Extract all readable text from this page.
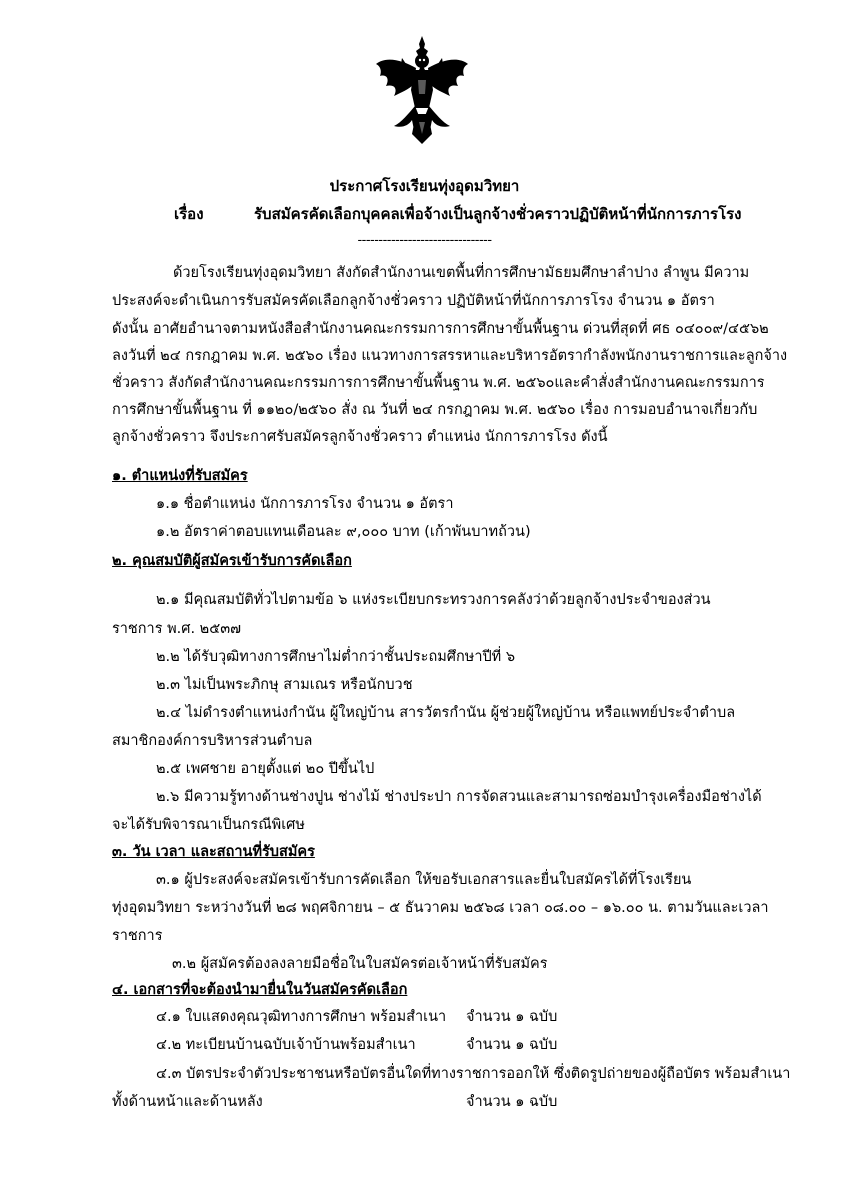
ประกาศโรงเรียนทุ่งอุดมวิทยา
เรื่อง	รับสมัครคัดเลือกบุคคลเพื่อจ้างเป็นลูกจ้างชั่วคราวปฏิบัติหน้าที่นักการภารโรง
--------------------------------
ด้วยโรงเรียนทุ่งอุดมวิทยา สังกัดสำนักงานเขตพื้นที่การศึกษามัธยมศึกษาลำปาง ลำพูน มีความ
ประสงค์จะดำเนินการรับสมัครคัดเลือกลูกจ้างชั่วคราว ปฏิบัติหน้าที่นักการภารโรง จำนวน ๑ อัตรา
ดังนั้น อาศัยอำนาจตามหนังสือสำนักงานคณะกรรมการการศึกษาขั้นพื้นฐาน ด่วนที่สุดที่ ศธ ๐๔๐๐๙/๔๕๖๒
ลงวันที่ ๒๔ กรกฎาคม พ.ศ. ๒๕๖๐ เรื่อง แนวทางการสรรหาและบริหารอัตรากำลังพนักงานราชการและลูกจ้าง
ชั่วคราว สังกัดสำนักงานคณะกรรมการการศึกษาขั้นพื้นฐาน พ.ศ. ๒๕๖๐และคำสั่งสำนักงานคณะกรรมการ
การศึกษาขั้นพื้นฐาน ที่ ๑๑๒๐/๒๕๖๐ สั่ง ณ วันที่ ๒๔ กรกฎาคม พ.ศ. ๒๕๖๐ เรื่อง การมอบอำนาจเกี่ยวกับ
ลูกจ้างชั่วคราว จึงประกาศรับสมัครลูกจ้างชั่วคราว ตำแหน่ง นักการภารโรง ดังนี้
๑. ตำแหน่งที่รับสมัคร
๑.๑ ชื่อตำแหน่ง นักการภารโรง จำนวน ๑ อัตรา
๑.๒ อัตราค่าตอบแทนเดือนละ ๙,๐๐๐ บาท (เก้าพันบาทถ้วน)
๒. คุณสมบัติผู้สมัครเข้ารับการคัดเลือก
๒.๑ มีคุณสมบัติทั่วไปตามข้อ ๖ แห่งระเบียบกระทรวงการคลังว่าด้วยลูกจ้างประจำของส่วน
ราชการ พ.ศ. ๒๕๓๗
๒.๒ ได้รับวุฒิทางการศึกษาไม่ต่ำกว่าชั้นประถมศึกษาปีที่ ๖
๒.๓ ไม่เป็นพระภิกษุ สามเณร หรือนักบวช
๒.๔ ไม่ดำรงตำแหน่งกำนัน ผู้ใหญ่บ้าน สารวัตรกำนัน ผู้ช่วยผู้ใหญ่บ้าน หรือแพทย์ประจำตำบล
สมาชิกองค์การบริหารส่วนตำบล
๒.๕ เพศชาย อายุตั้งแต่ ๒๐ ปีขึ้นไป
๒.๖ มีความรู้ทางด้านช่างปูน ช่างไม้ ช่างประปา การจัดสวนและสามารถซ่อมบำรุงเครื่องมือช่างได้
จะได้รับพิจารณาเป็นกรณีพิเศษ
๓. วัน เวลา และสถานที่รับสมัคร
๓.๑ ผู้ประสงค์จะสมัครเข้ารับการคัดเลือก ให้ขอรับเอกสารและยื่นใบสมัครได้ที่โรงเรียน
ทุ่งอุดมวิทยา ระหว่างวันที่ ๒๘ พฤศจิกายน – ๕ ธันวาคม ๒๕๖๘ เวลา ๐๘.๐๐ – ๑๖.๐๐ น. ตามวันและเวลา
ราชการ
๓.๒ ผู้สมัครต้องลงลายมือชื่อในใบสมัครต่อเจ้าหน้าที่รับสมัคร
๔. เอกสารที่จะต้องนำมายื่นในวันสมัครคัดเลือก
๔.๑ ใบแสดงคุณวุฒิทางการศึกษา พร้อมสำเนา จำนวน ๑ ฉบับ
๔.๒ ทะเบียนบ้านฉบับเจ้าบ้านพร้อมสำเนา	จำนวน ๑ ฉบับ
๔.๓ บัตรประจำตัวประชาชนหรือบัตรอื่นใดที่ทางราชการออกให้ ซึ่งติดรูปถ่ายของผู้ถือบัตร พร้อมสำเนา
ทั้งด้านหน้าและด้านหลัง	จำนวน ๑ ฉบับ
